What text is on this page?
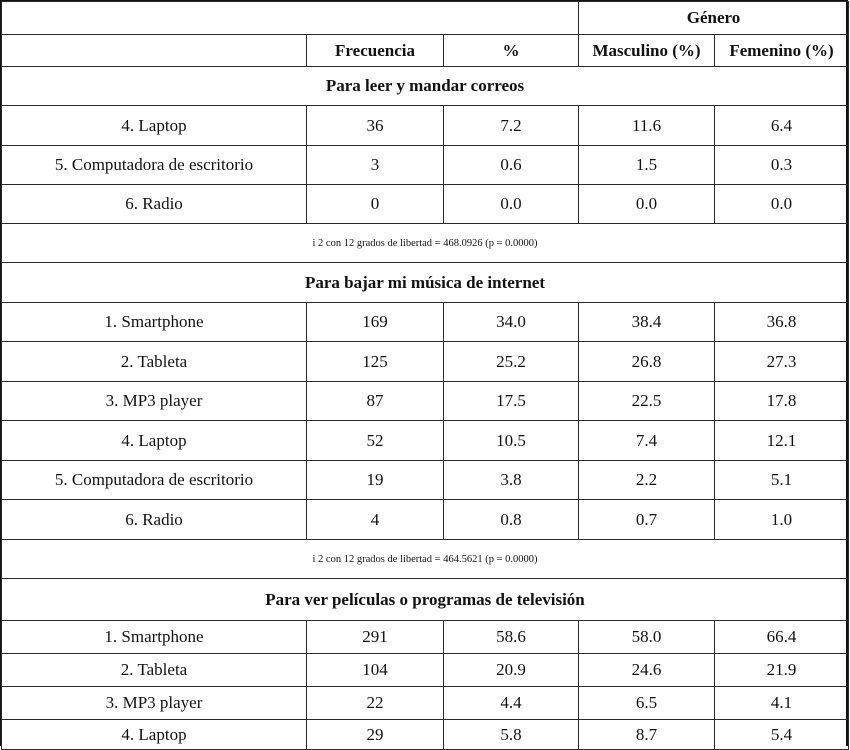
			Género	
	Frecuencia	%	Masculino (%)	Femenino (%)
Para leer y mandar correos				
4. Laptop	36	7.2	11.6	6.4
5. Computadora de escritorio	3	0.6	1.5	0.3
6. Radio	0	0.0	0.0	0.0
i 2 con 12 grados de libertad = 468.0926 (p = 0.0000)				
Para bajar mi música de internet				
1. Smartphone	169	34.0	38.4	36.8
2. Tableta	125	25.2	26.8	27.3
3. MP3 player	87	17.5	22.5	17.8
4. Laptop	52	10.5	7.4	12.1
5. Computadora de escritorio	19	3.8	2.2	5.1
6. Radio	4	0.8	0.7	1.0
i 2 con 12 grados de libertad = 464.5621 (p = 0.0000)				
Para ver películas o programas de televisión				
1. Smartphone	291	58.6	58.0	66.4
2. Tableta	104	20.9	24.6	21.9
3. MP3 player	22	4.4	6.5	4.1
4. Laptop	29	5.8	8.7	5.4
